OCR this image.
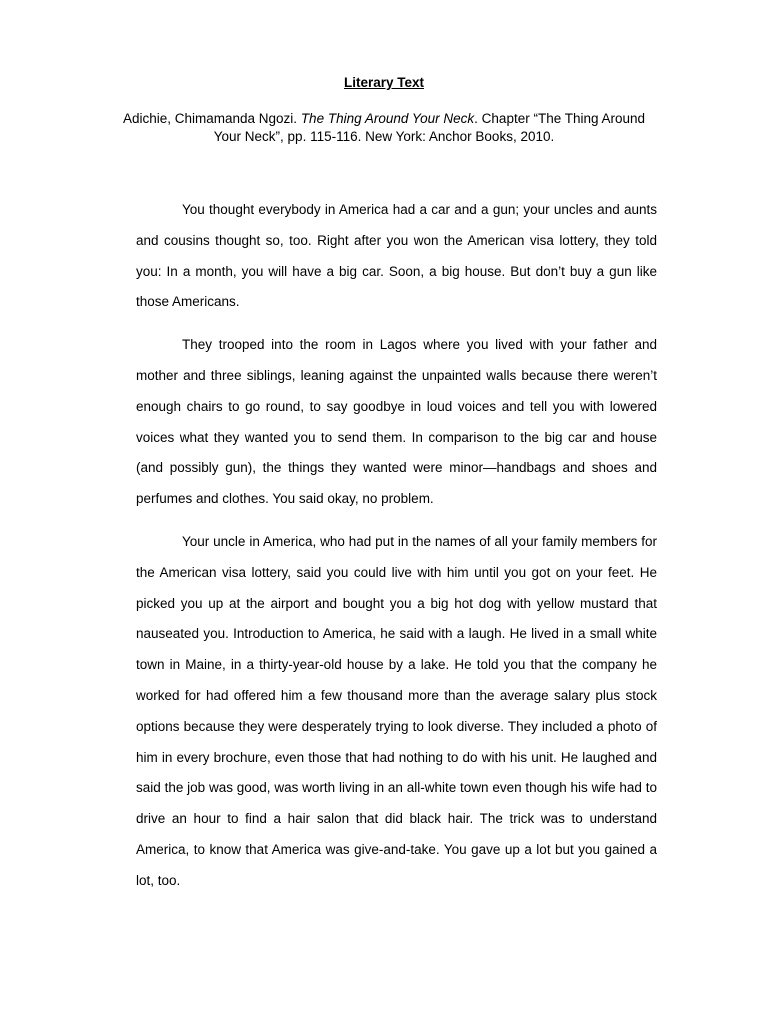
Literary Text
Adichie, Chimamanda Ngozi. The Thing Around Your Neck. Chapter “The Thing Around Your Neck”, pp. 115-116. New York: Anchor Books, 2010.

You thought everybody in America had a car and a gun; your uncles and aunts and cousins thought so, too. Right after you won the American visa lottery, they told you: In a month, you will have a big car. Soon, a big house. But don’t buy a gun like those Americans.

They trooped into the room in Lagos where you lived with your father and mother and three siblings, leaning against the unpainted walls because there weren’t enough chairs to go round, to say goodbye in loud voices and tell you with lowered voices what they wanted you to send them. In comparison to the big car and house (and possibly gun), the things they wanted were minor—handbags and shoes and perfumes and clothes. You said okay, no problem.

Your uncle in America, who had put in the names of all your family members for the American visa lottery, said you could live with him until you got on your feet. He picked you up at the airport and bought you a big hot dog with yellow mustard that nauseated you. Introduction to America, he said with a laugh. He lived in a small white town in Maine, in a thirty-year-old house by a lake. He told you that the company he worked for had offered him a few thousand more than the average salary plus stock options because they were desperately trying to look diverse. They included a photo of him in every brochure, even those that had nothing to do with his unit. He laughed and said the job was good, was worth living in an all-white town even though his wife had to drive an hour to find a hair salon that did black hair. The trick was to understand America, to know that America was give-and-take. You gave up a lot but you gained a lot, too.
